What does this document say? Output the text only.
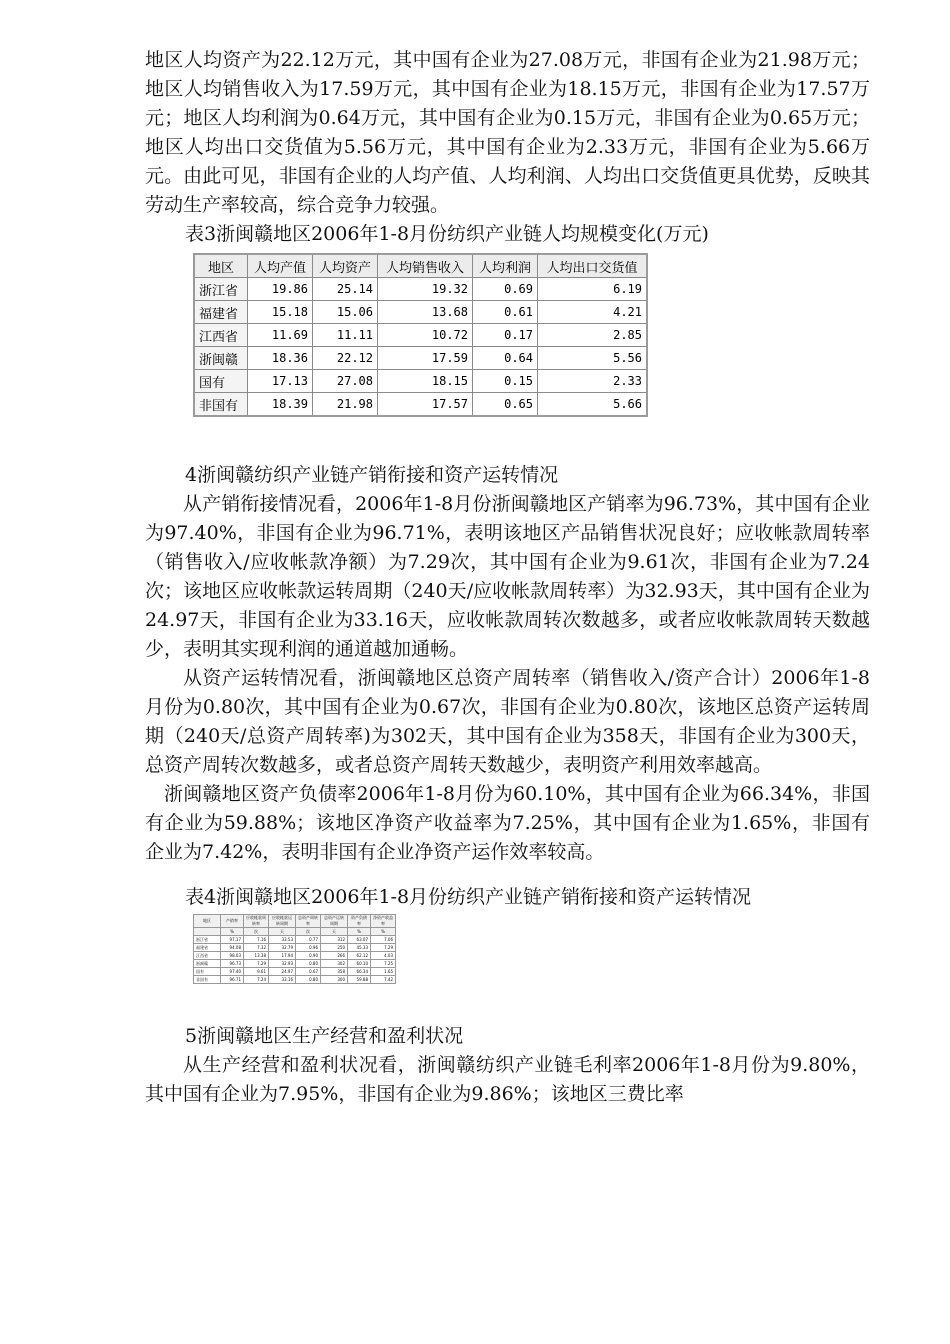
地区人均资产为22.12万元，其中国有企业为27.08万元，非国有企业为21.98万元；地区人均销售收入为17.59万元，其中国有企业为18.15万元，非国有企业为17.57万元；地区人均利润为0.64万元，其中国有企业为0.15万元，非国有企业为0.65万元；地区人均出口交货值为5.56万元，其中国有企业为2.33万元，非国有企业为5.66万元。由此可见，非国有企业的人均产值、人均利润、人均出口交货值更具优势，反映其劳动生产率较高，综合竞争力较强。

表3浙闽赣地区2006年1-8月份纺织产业链人均规模变化(万元)

地区	人均产值	人均资产	人均销售收入	人均利润	人均出口交货值
浙江省	19.86	25.14	19.32	0.69	6.19
福建省	15.18	15.06	13.68	0.61	4.21
江西省	11.69	11.11	10.72	0.17	2.85
浙闽赣	18.36	22.12	17.59	0.64	5.56
国有	17.13	27.08	18.15	0.15	2.33
非国有	18.39	21.98	17.57	0.65	5.66

4浙闽赣纺织产业链产销衔接和资产运转情况

从产销衔接情况看，2006年1-8月份浙闽赣地区产销率为96.73%，其中国有企业为97.40%，非国有企业为96.71%，表明该地区产品销售状况良好；应收帐款周转率（销售收入/应收帐款净额）为7.29次，其中国有企业为9.61次，非国有企业为7.24次；该地区应收帐款运转周期（240天/应收帐款周转率）为32.93天，其中国有企业为24.97天，非国有企业为33.16天，应收帐款周转次数越多，或者应收帐款周转天数越少，表明其实现利润的通道越加通畅。

从资产运转情况看，浙闽赣地区总资产周转率（销售收入/资产合计）2006年1-8月份为0.80次，其中国有企业为0.67次，非国有企业为0.80次，该地区总资产运转周期（240天/总资产周转率)为302天，其中国有企业为358天，非国有企业为300天，总资产周转次数越多，或者总资产周转天数越少，表明资产利用效率越高。

浙闽赣地区资产负债率2006年1-8月份为60.10%，其中国有企业为66.34%，非国有企业为59.88%；该地区净资产收益率为7.25%，其中国有企业为1.65%，非国有企业为7.42%，表明非国有企业净资产运作效率较高。

表4浙闽赣地区2006年1-8月份纺织产业链产销衔接和资产运转情况

地区	产销率	应收帐款周转率	应收帐款运转周期	总资产周转率	总资产运转周期	资产负债率	净资产收益率
	%	次	天	次	天	%	%
浙江省	97.17	7.16	33.53	0.77	312	63.07	7.06
福建省	94.08	7.32	32.79	0.96	250	45.33	7.29
江西省	98.03	13.38	17.94	0.90	266	62.12	4.03
浙闽赣	96.73	7.29	32.93	0.80	302	60.10	7.25
国有	97.40	9.61	24.97	0.67	358	66.34	1.65
非国有	96.71	7.24	33.16	0.80	300	59.88	7.42

5浙闽赣地区生产经营和盈利状况

从生产经营和盈利状况看，浙闽赣纺织产业链毛利率2006年1-8月份为9.80%，其中国有企业为7.95%，非国有企业为9.86%；该地区三费比率
